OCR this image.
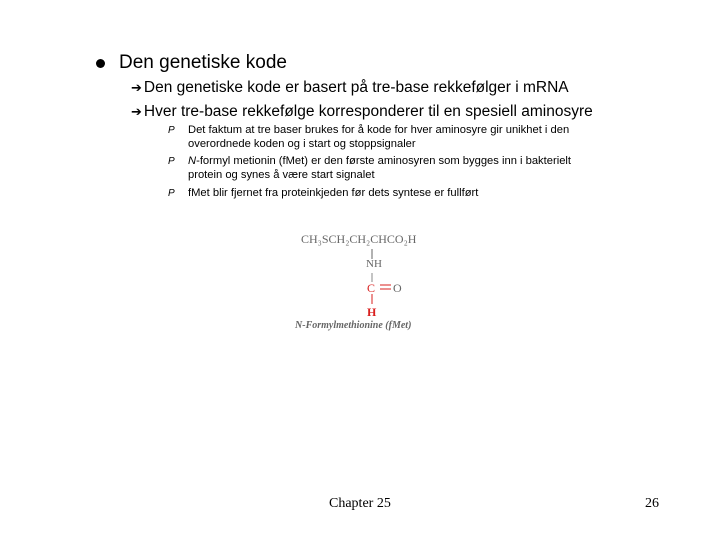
Den genetiske kode
➔ Den genetiske kode er basert på tre-base rekkefølger i mRNA
➔ Hver tre-base rekkefølge korresponderer til en spesiell aminosyre
P Det faktum at tre baser brukes for å kode for hver aminosyre gir unikhet i den
overordnede koden og i start og stoppsignaler
P N-formyl metionin (fMet) er den første aminosyren som bygges inn i bakterielt
protein og synes å være start signalet
P fMet blir fjernet fra proteinkjeden før dets syntese er fullført
CH₃SCH₂CH₂CHCO₂H
NH
C O
H
N-Formylmethionine (fMet)
Chapter 25	26
